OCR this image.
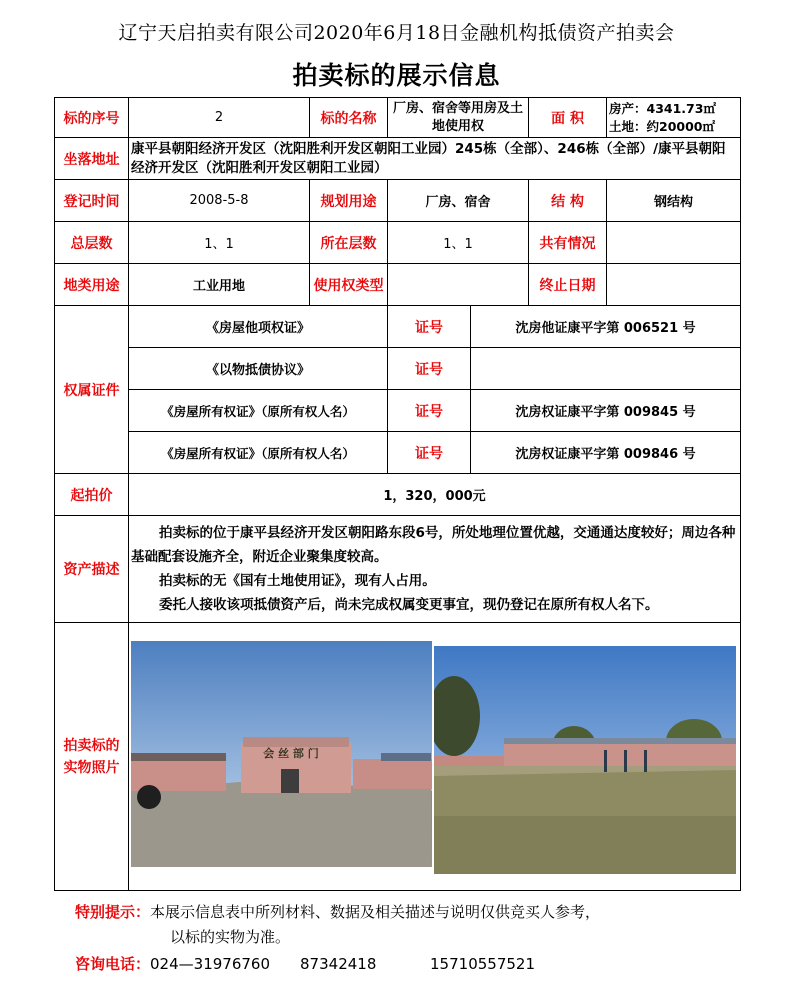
辽宁天启拍卖有限公司2020年6月18日金融机构抵债资产拍卖会
拍卖标的展示信息
标的序号	2	标的名称	厂房、宿舍等用房及土地使用权		面 积	房产：4341.73㎡
土地：约20000㎡

坐落地址	康平县朝阳经济开发区（沈阳胜利开发区朝阳工业园）245栋（全部）、246栋（全部）/康平县朝阳经济开发区（沈阳胜利开发区朝阳工业园）					
登记时间	2008-5-8	规划用途	厂房、宿舍		结 构	钢结构
总层数	1、1	所在层数	1、1		共有情况	
地类用途	工业用地	使用权类型			终止日期	
权属证件	《房屋他项权证》		证号	沈房他证康平字第 006521 号		
	《以物抵债协议》		证号			
	《房屋所有权证》（原所有权人名）		证号	沈房权证康平字第 009845 号		
	《房屋所有权证》（原所有权人名）		证号	沈房权证康平字第 009846 号		
起拍价	1，320，000元					
资产描述	拍卖标的位于康平县经济开发区朝阳路东段6号，所处地理位置优越，交通通达度较好；周边各种基础配套设施齐全，附近企业聚集度较高。

拍卖标的无《国有土地使用证》，现有人占用。

委托人接收该项抵债资产后，尚未完成权属变更事宜，现仍登记在原所有权人名下。					

拍卖标的实物照片	会 丝 部 门					
特别提示：本展示信息表中所列材料、数据及相关描述与说明仅供竞买人参考，
以标的实物为准。
咨询电话：024—31976760 87342418	15710557521
